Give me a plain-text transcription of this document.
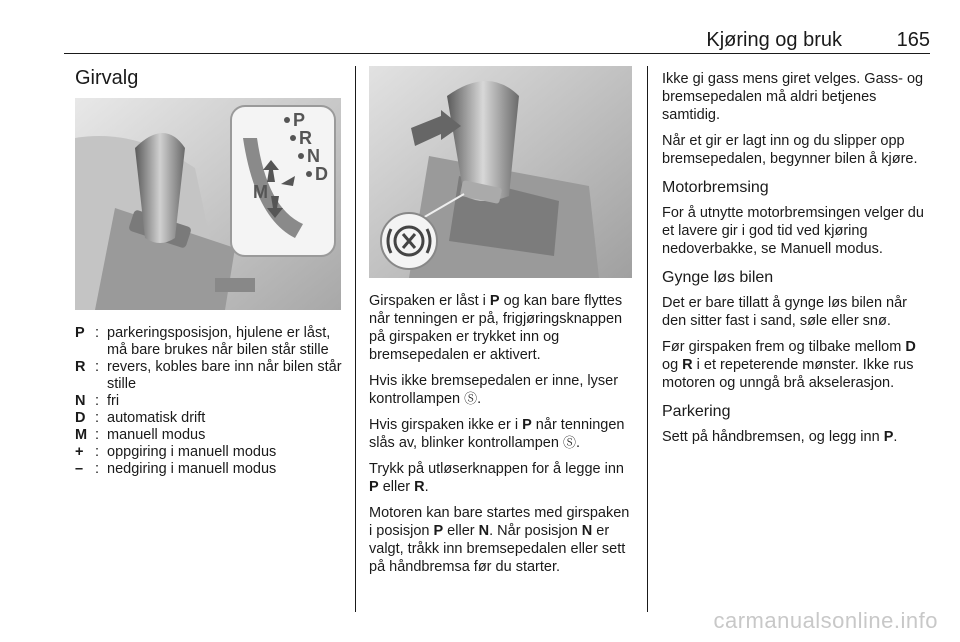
Kjøring og bruk	165
Girvalg
P
R
N
D
M
P : parkeringsposisjon, hjulene er låst, må bare brukes når bilen står stille
R : revers, kobles bare inn når bilen står stille
N : fri
D : automatisk drift
M : manuell modus
+ : oppgiring i manuell modus
– : nedgiring i manuell modus

Girspaken er låst i P og kan bare flyttes når tenningen er på, frigjøringsknappen på girspaken er trykket inn og bremsepedalen er aktivert.

Hvis ikke bremsepedalen er inne, lyser kontrollampen Ⓢ.

Hvis girspaken ikke er i P når tenningen slås av, blinker kontrollampen Ⓢ.

Trykk på utløserknappen for å legge inn P eller R.

Motoren kan bare startes med girspaken i posisjon P eller N. Når posisjon N er valgt, tråkk inn bremsepedalen eller sett på håndbremsa før du starter.

Ikke gi gass mens giret velges. Gass- og bremsepedalen må aldri betjenes samtidig.

Når et gir er lagt inn og du slipper opp bremsepedalen, begynner bilen å kjøre.

Motorbremsing

For å utnytte motorbremsingen velger du et lavere gir i god tid ved kjøring nedoverbakke, se Manuell modus.

Gynge løs bilen

Det er bare tillatt å gynge løs bilen når den sitter fast i sand, søle eller snø.

Før girspaken frem og tilbake mellom D og R i et repeterende mønster. Ikke rus motoren og unngå brå akselerasjon.

Parkering

Sett på håndbremsen, og legg inn P.

carmanualsonline.info
